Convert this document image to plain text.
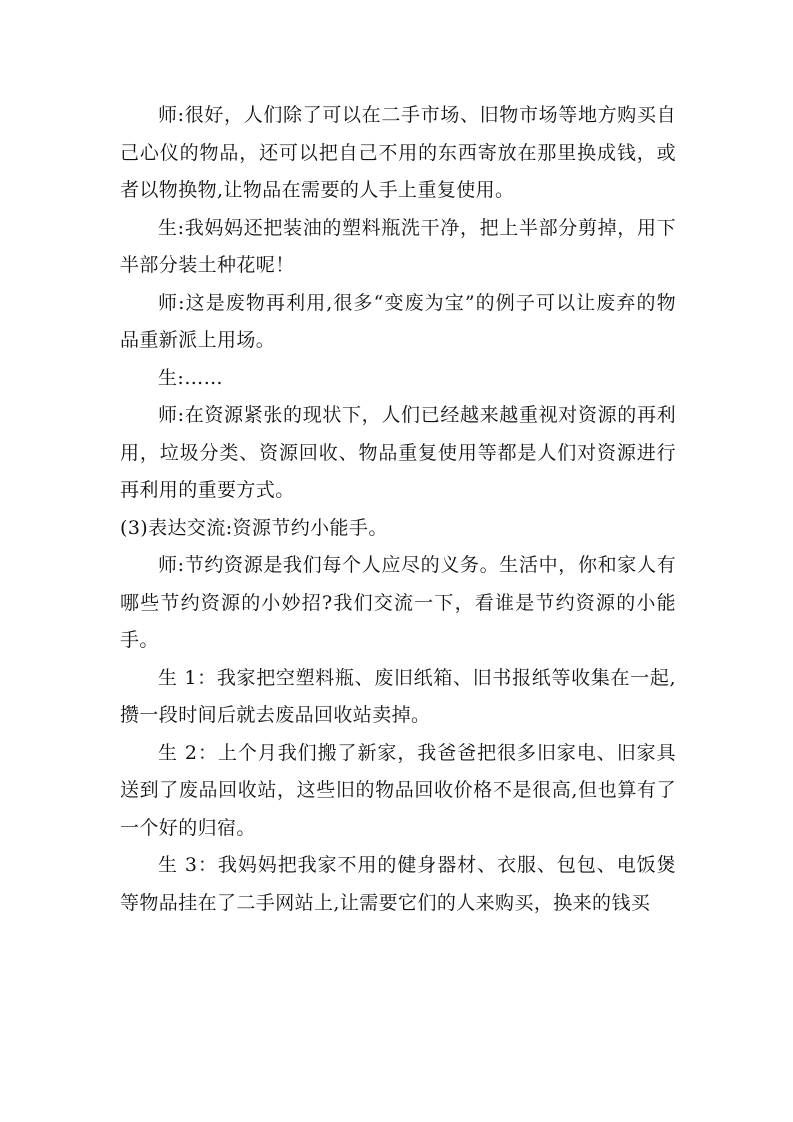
师:很好，人们除了可以在二手市场、旧物市场等地方购买自己心仪的物品，还可以把自己不用的东西寄放在那里换成钱，或者以物换物,让物品在需要的人手上重复使用。

生:我妈妈还把装油的塑料瓶洗干净，把上半部分剪掉，用下半部分装土种花呢！

师:这是废物再利用,很多“变废为宝”的例子可以让废弃的物品重新派上用场。

生:……

师:在资源紧张的现状下，人们已经越来越重视对资源的再利用，垃圾分类、资源回收、物品重复使用等都是人们对资源进行再利用的重要方式。

(3)表达交流:资源节约小能手。

师:节约资源是我们每个人应尽的义务。生活中，你和家人有哪些节约资源的小妙招?我们交流一下，看谁是节约资源的小能手。

生 1：我家把空塑料瓶、废旧纸箱、旧书报纸等收集在一起,攒一段时间后就去废品回收站卖掉。

生 2：上个月我们搬了新家，我爸爸把很多旧家电、旧家具送到了废品回收站，这些旧的物品回收价格不是很高,但也算有了一个好的归宿。

生 3：我妈妈把我家不用的健身器材、衣服、包包、电饭煲等物品挂在了二手网站上,让需要它们的人来购买，换来的钱买
